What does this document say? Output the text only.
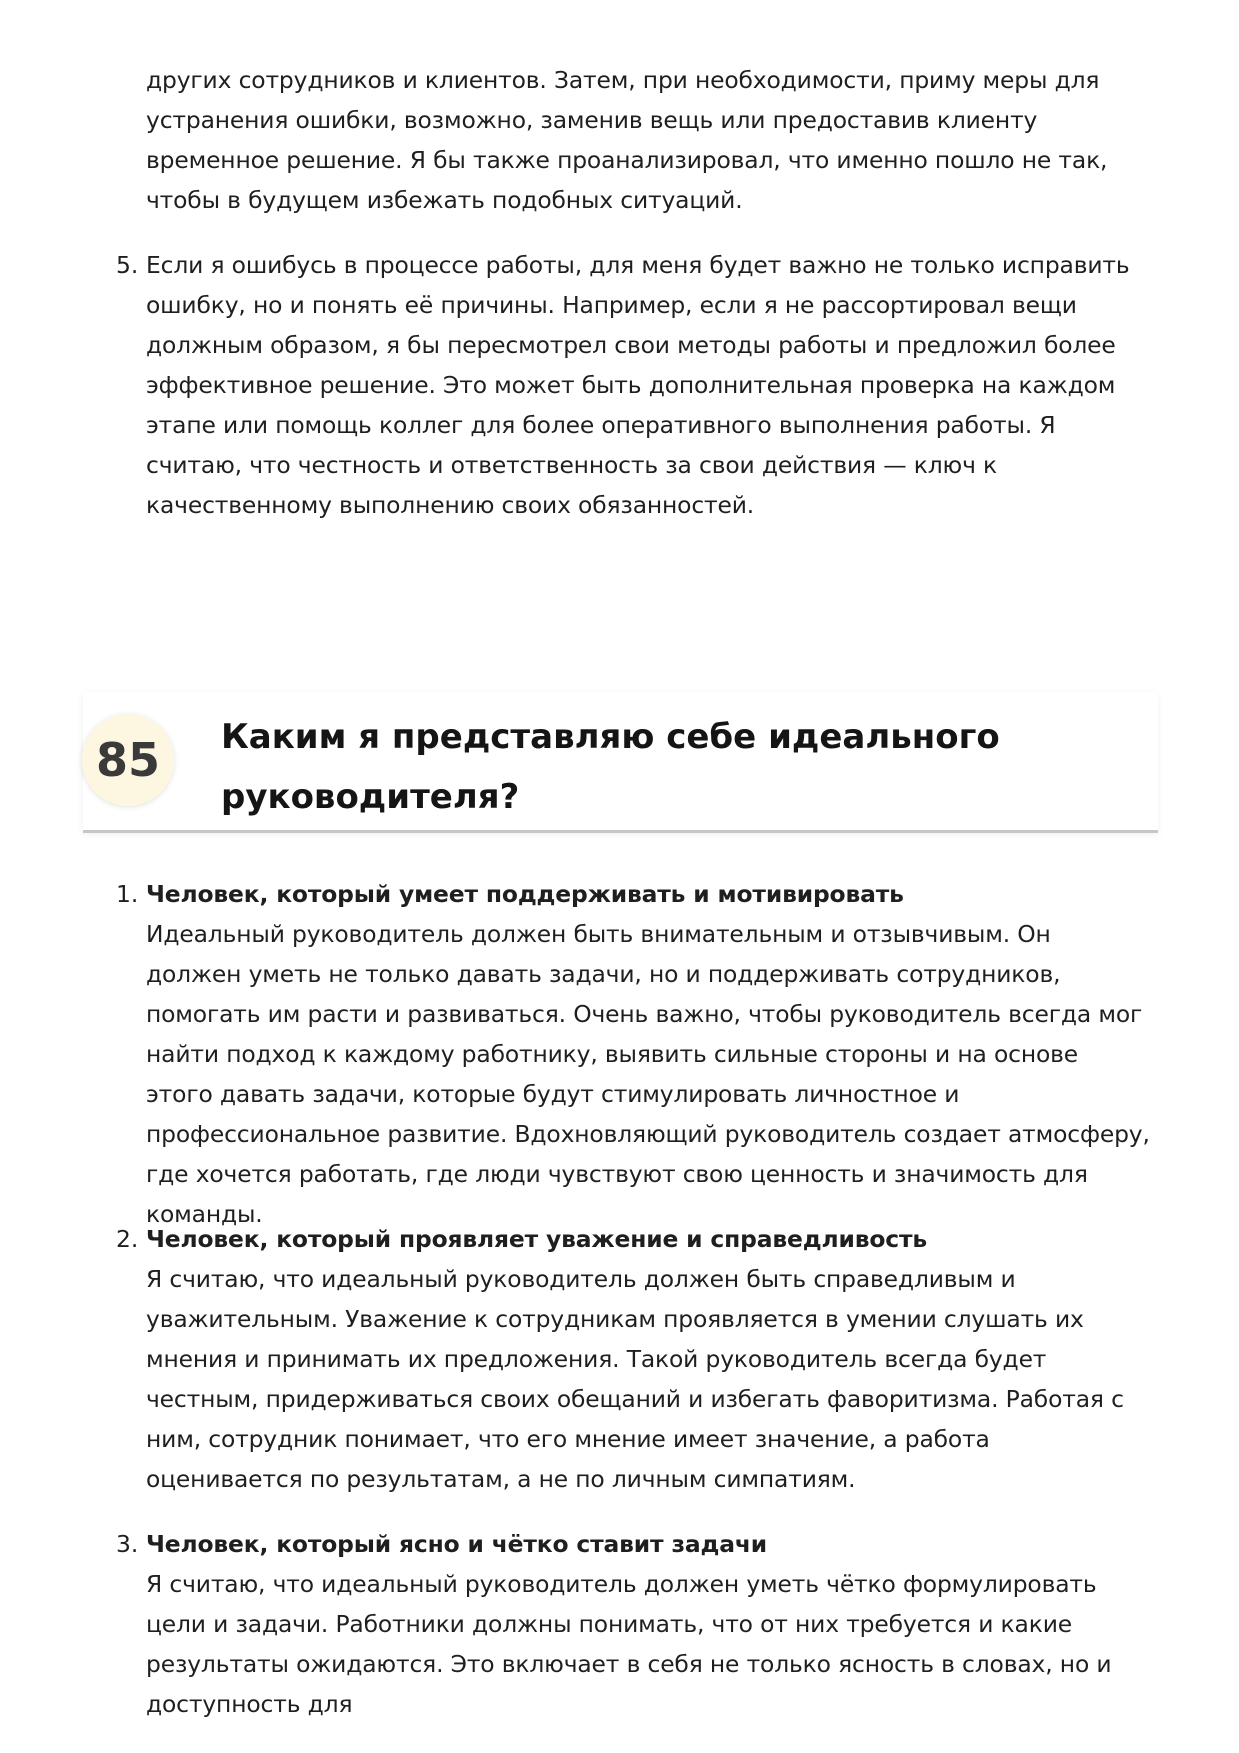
других сотрудников и клиентов. Затем, при необходимости, приму меры для устранения ошибки, возможно, заменив вещь или предоставив клиенту временное решение. Я бы также проанализировал, что именно пошло не так, чтобы в будущем избежать подобных ситуаций.

5. Если я ошибусь в процессе работы, для меня будет важно не только исправить ошибку, но и понять её причины. Например, если я не рассортировал вещи должным образом, я бы пересмотрел свои методы работы и предложил более эффективное решение. Это может быть дополнительная проверка на каждом этапе или помощь коллег для более оперативного выполнения работы. Я считаю, что честность и ответственность за свои действия — ключ к качественному выполнению своих обязанностей.

85	Каким я представляю себе идеального руководителя?
1. Человек, который умеет поддерживать и мотивировать
Идеальный руководитель должен быть внимательным и отзывчивым. Он должен уметь не только давать задачи, но и поддерживать сотрудников, помогать им расти и развиваться. Очень важно, чтобы руководитель всегда мог найти подход к каждому работнику, выявить сильные стороны и на основе этого давать задачи, которые будут стимулировать личностное и профессиональное развитие. Вдохновляющий руководитель создает атмосферу, где хочется работать, где люди чувствуют свою ценность и значимость для команды.
2. Человек, который проявляет уважение и справедливость
Я считаю, что идеальный руководитель должен быть справедливым и уважительным. Уважение к сотрудникам проявляется в умении слушать их мнения и принимать их предложения. Такой руководитель всегда будет честным, придерживаться своих обещаний и избегать фаворитизма. Работая с ним, сотрудник понимает, что его мнение имеет значение, а работа оценивается по результатам, а не по личным симпатиям.
3. Человек, который ясно и чётко ставит задачи
Я считаю, что идеальный руководитель должен уметь чётко формулировать цели и задачи. Работники должны понимать, что от них требуется и какие результаты ожидаются. Это включает в себя не только ясность в словах, но и доступность для
